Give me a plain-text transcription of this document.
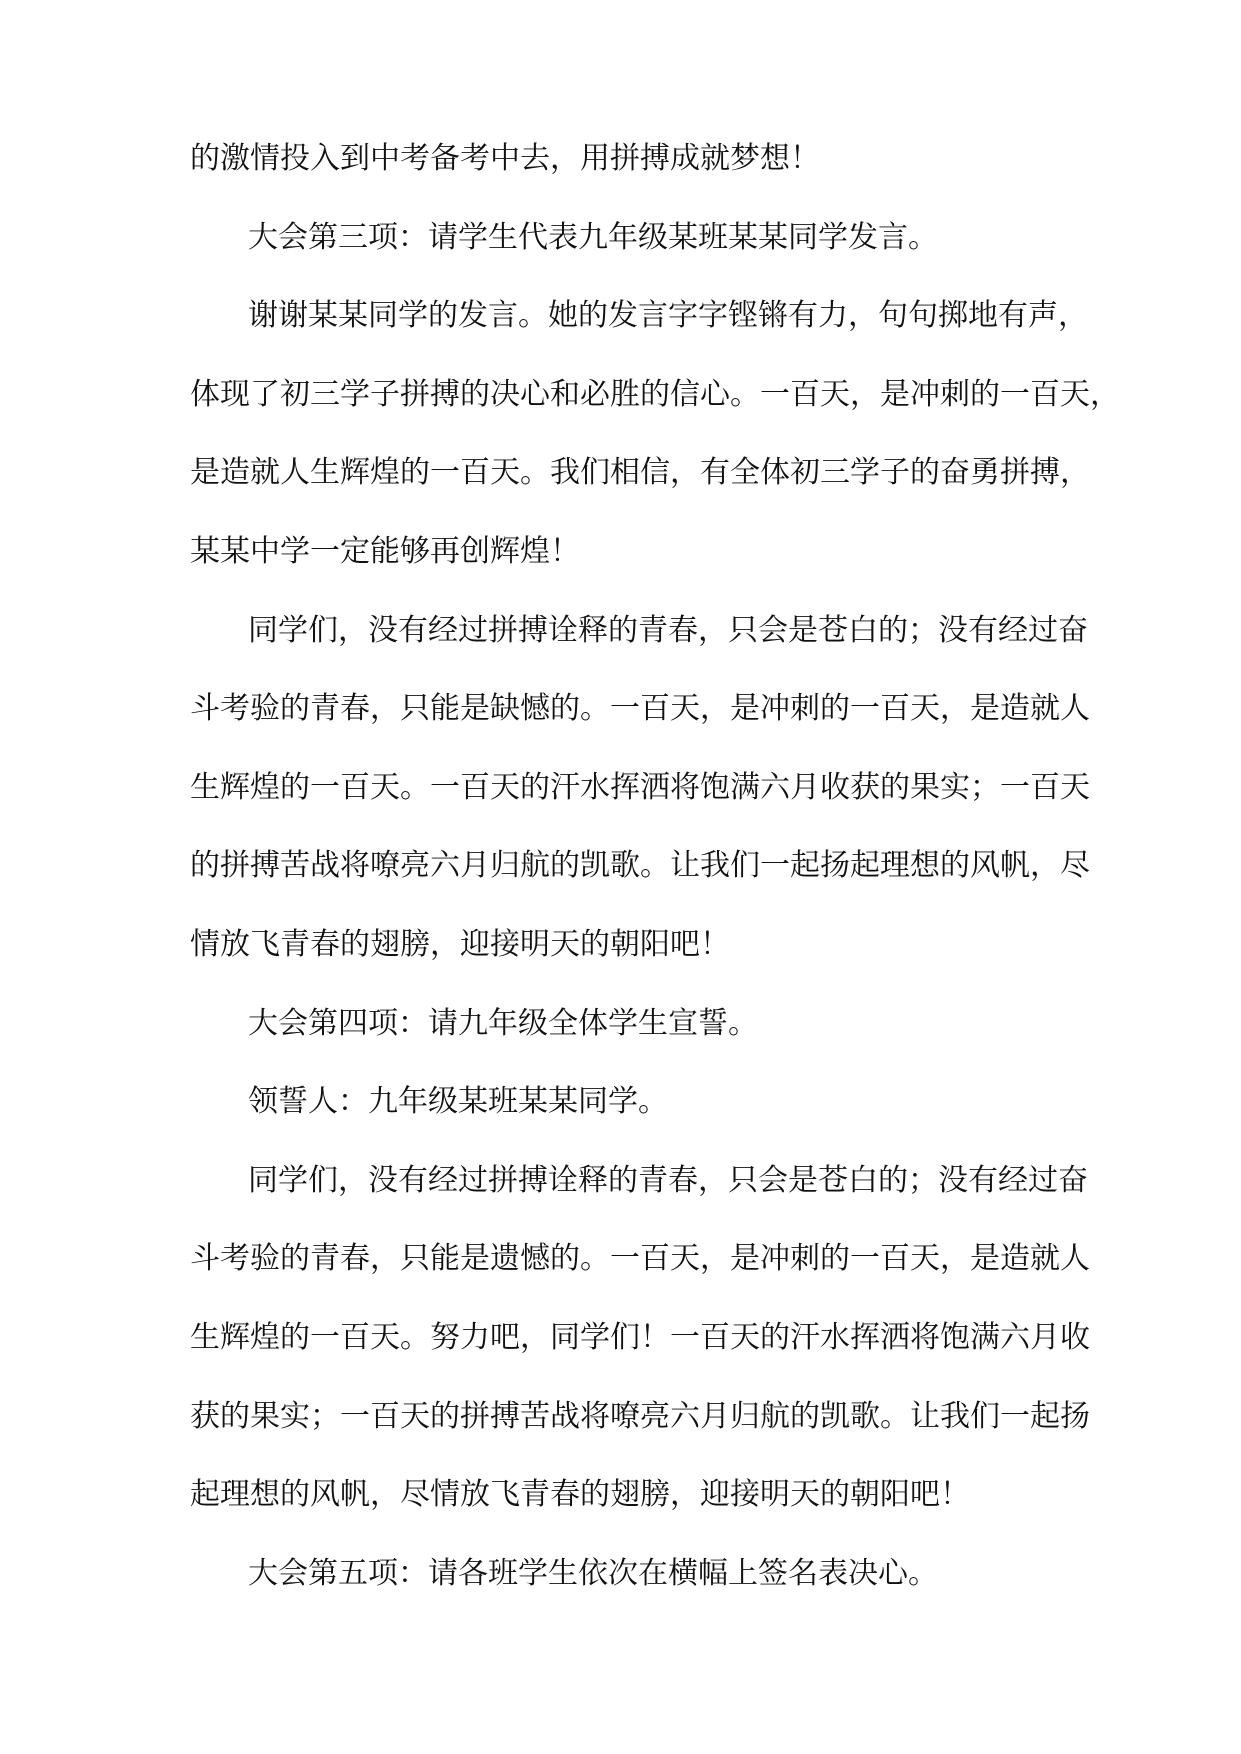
的激情投入到中考备考中去，用拼搏成就梦想！
大会第三项：请学生代表九年级某班某某同学发言。
谢谢某某同学的发言。她的发言字字铿锵有力，句句掷地有声，
体现了初三学子拼搏的决心和必胜的信心。一百天，是冲刺的一百天，
是造就人生辉煌的一百天。我们相信，有全体初三学子的奋勇拼搏，
某某中学一定能够再创辉煌！
同学们，没有经过拼搏诠释的青春，只会是苍白的；没有经过奋
斗考验的青春，只能是缺憾的。一百天，是冲刺的一百天，是造就人
生辉煌的一百天。一百天的汗水挥洒将饱满六月收获的果实；一百天
的拼搏苦战将嘹亮六月归航的凯歌。让我们一起扬起理想的风帆，尽
情放飞青春的翅膀，迎接明天的朝阳吧！
大会第四项：请九年级全体学生宣誓。
领誓人：九年级某班某某同学。
同学们，没有经过拼搏诠释的青春，只会是苍白的；没有经过奋
斗考验的青春，只能是遗憾的。一百天，是冲刺的一百天，是造就人
生辉煌的一百天。努力吧，同学们！一百天的汗水挥洒将饱满六月收
获的果实；一百天的拼搏苦战将嘹亮六月归航的凯歌。让我们一起扬
起理想的风帆，尽情放飞青春的翅膀，迎接明天的朝阳吧！
大会第五项：请各班学生依次在横幅上签名表决心。
